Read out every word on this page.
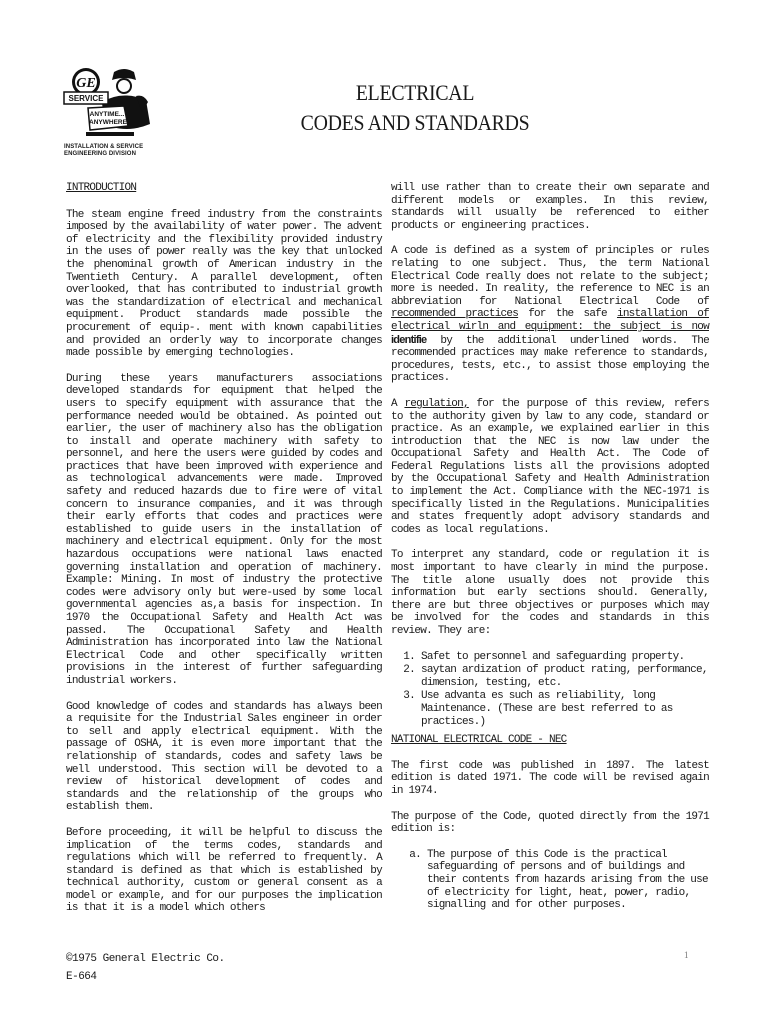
GE
SERVICE
ANYTIME...
ANYWHERE
INSTALLATION & SERVICE
ENGINEERING DIVISION
ELECTRICAL
CODES AND STANDARDS
INTRODUCTION

The steam engine freed industry from the constraints imposed by the availability of water power. The advent of electricity and the flexibility provided industry in the uses of power really was the key that unlocked the phenominal growth of American industry in the Twentieth Century. A parallel development, often overlooked, that has contributed to industrial growth was the standardization of electrical and mechanical equipment. Product standards made possible the procurement of equip-. ment with known capabilities and provided an orderly way to incorporate changes made possible by emerging technologies.

During these years manufacturers associations developed standards for equipment that helped the users to specify equipment with assurance that the performance needed would be obtained. As pointed out earlier, the user of machinery also has the obligation to install and operate machinery with safety to personnel, and here the users were guided by codes and practices that have been improved with experience and as technological advancements were made. Improved safety and reduced hazards due to fire were of vital concern to insurance companies, and it was through their early efforts that codes and practices were established to guide users in the installation of machinery and electrical equipment. Only for the most hazardous occupations were national laws enacted governing installation and operation of machinery. Example: Mining. In most of industry the protective codes were advisory only but were-used by some local governmental agencies as,a basis for inspection. In 1970 the Occupational Safety and Health Act was passed. The Occupational Safety and Health Administration has incorporated into law the National Electrical Code and other specifically written provisions in the interest of further safeguarding industrial workers.

Good knowledge of codes and standards has always been a requisite for the Industrial Sales engineer in order to sell and apply electrical equipment. With the passage of OSHA, it is even more important that the relationship of standards, codes and safety laws be well understood. This section will be devoted to a review of historical development of codes and standards and the relationship of the groups who establish them.

Before proceeding, it will be helpful to discuss the implication of the terms codes, standards and regulations which will be referred to frequently. A standard is defined as that which is established by technical authority, custom or general consent as a model or example, and for our purposes the implication is that it is a model which others

will use rather than to create their own separate and different models or examples. In this review, standards will usually be referenced to either products or engineering practices.

A code is defined as a system of principles or rules relating to one subject. Thus, the term National Electrical Code really does not relate to the subject; more is needed. In reality, the reference to NEC is an abbreviation for National Electrical Code of recommended practices for the safe installation of electrical wirln and equipment: the subject is now identifie by the additional underlined words. The recommended practices may make reference to standards, procedures, tests, etc., to assist those employing the practices.

A regulation, for the purpose of this review, refers to the authority given by law to any code, standard or practice. As an example, we explained earlier in this introduction that the NEC is now law under the Occupational Safety and Health Act. The Code of Federal Regulations lists all the provisions adopted by the Occupational Safety and Health Administration to implement the Act. Compliance with the NEC-1971 is specifically listed in the Regulations. Municipalities and states frequently adopt advisory standards and codes as local regulations.

To interpret any standard, code or regulation it is most important to have clearly in mind the purpose. The title alone usually does not provide this information but early sections should. Generally, there are but three objectives or purposes which may be involved for the codes and standards in this review. They are:

1. Safet to personnel and safeguarding property.
2. saytan ardization of product rating, performance, dimension, testing, etc.
3. Use advanta es such as reliability, long Maintenance. (These are best referred to as practices.)
NATIONAL ELECTRICAL CODE - NEC

The first code was published in 1897. The latest edition is dated 1971. The code will be revised again in 1974.

The purpose of the Code, quoted directly from the 1971 edition is:

a. The purpose of this Code is the practical safeguarding of persons and of buildings and their contents from hazards arising from the use of electricity for light, heat, power, radio, signalling and for other purposes.
©1975 General Electric Co.
E-664
1
